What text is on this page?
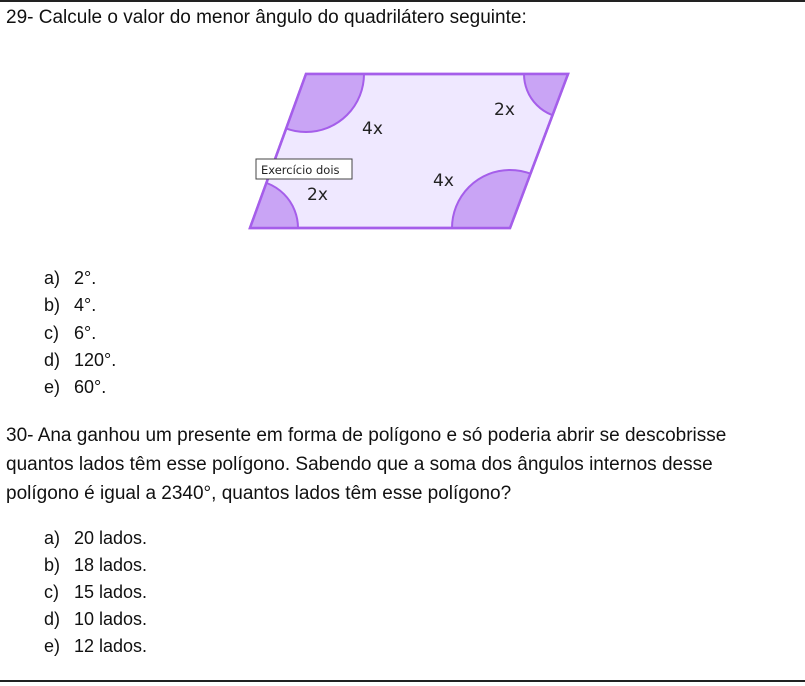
29- Calcule o valor do menor ângulo do quadrilátero seguinte:
2x
4x
4x
2x
Exercício dois
a) 2°.
b) 4°.
c) 6°.
d) 120°.
e) 60°.
30- Ana ganhou um presente em forma de polígono e só poderia abrir se descobrisse
quantos lados têm esse polígono. Sabendo que a soma dos ângulos internos desse
polígono é igual a 2340°, quantos lados têm esse polígono?
a) 20 lados.
b) 18 lados.
c) 15 lados.
d) 10 lados.
e) 12 lados.
